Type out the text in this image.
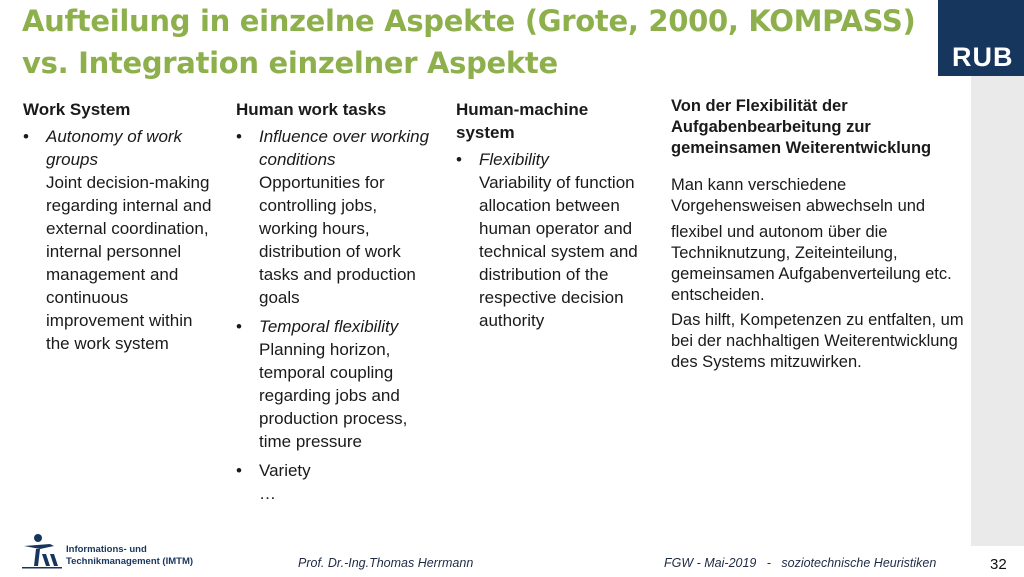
Aufteilung in einzelne Aspekte (Grote, 2000, KOMPASS)
vs. Integration einzelner Aspekte	RUB
Work System
• Autonomy of work groups
Joint decision-making regarding internal and external coordination, internal personnel management and continuous improvement within the work system
Human work tasks
• Influence over working conditions
Opportunities for controlling jobs, working hours, distribution of work tasks and production goals
• Temporal flexibility
Planning horizon, temporal coupling regarding jobs and production process, time pressure
• Variety
…
Human-machine system
• Flexibility
Variability of function allocation between human operator and technical system and distribution of the respective decision authority
Von der Flexibilität der Aufgabenbearbeitung zur gemeinsamen Weiterentwicklung

Man kann verschiedene Vorgehensweisen abwechseln und

flexibel und autonom über die Techniknutzung, Zeiteinteilung, gemeinsamen Aufgabenverteilung etc. entscheiden.

Das hilft, Kompetenzen zu entfalten, um bei der nachhaltigen Weiterentwicklung des Systems mitzuwirken.

Informations- und
Technikmanagement (IMTM)	Prof. Dr.-Ing.Thomas Herrmann	FGW - Mai-2019   -   soziotechnische Heuristiken	32
